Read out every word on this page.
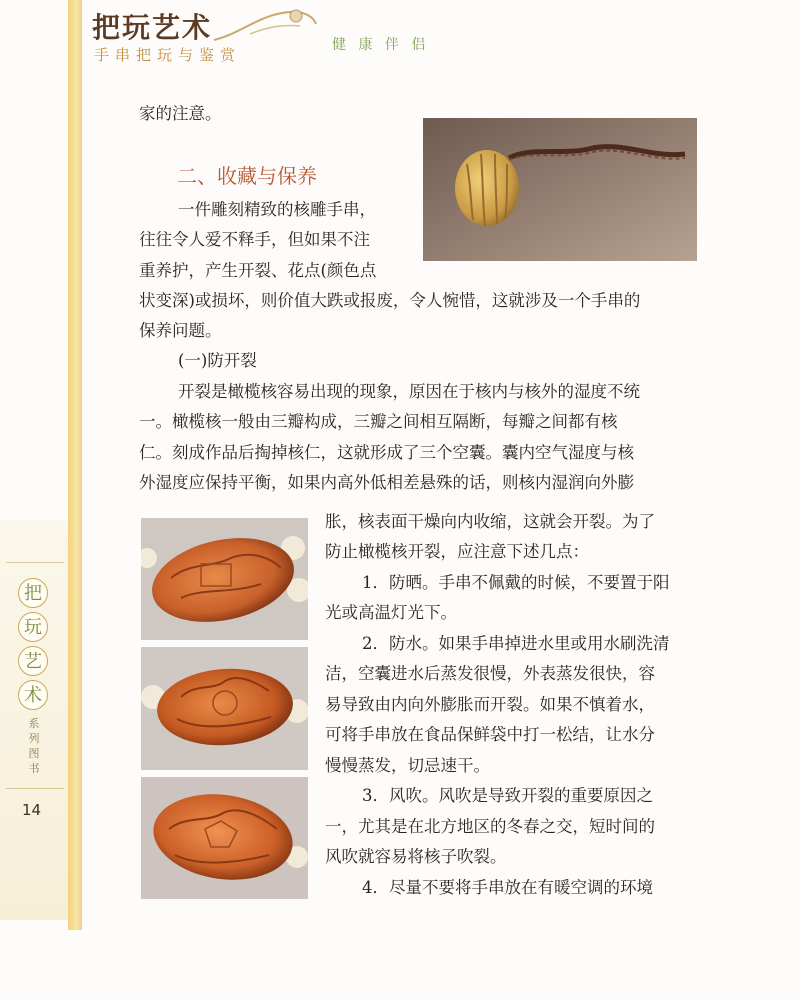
把玩艺术
手串把玩与鉴赏
健 康 伴 侣
把
玩
艺
术
系
列
图
书
14
家的注意。
二、收藏与保养
一件雕刻精致的核雕手串，
往往令人爱不释手，但如果不注
重养护，产生开裂、花点(颜色点
状变深)或损坏，则价值大跌或报废，令人惋惜，这就涉及一个手串的
保养问题。
(一)防开裂
开裂是橄榄核容易出现的现象，原因在于核内与核外的湿度不统
一。橄榄核一般由三瓣构成，三瓣之间相互隔断，每瓣之间都有核
仁。刻成作品后掏掉核仁，这就形成了三个空囊。囊内空气湿度与核
外湿度应保持平衡，如果内高外低相差悬殊的话，则核内湿润向外膨
胀，核表面干燥向内收缩，这就会开裂。为了
防止橄榄核开裂，应注意下述几点：
1．防晒。手串不佩戴的时候，不要置于阳
光或高温灯光下。
2．防水。如果手串掉进水里或用水刷洗清
洁，空囊进水后蒸发很慢，外表蒸发很快，容
易导致由内向外膨胀而开裂。如果不慎着水，
可将手串放在食品保鲜袋中打一松结，让水分
慢慢蒸发，切忌速干。
3．风吹。风吹是导致开裂的重要原因之
一，尤其是在北方地区的冬春之交，短时间的
风吹就容易将核子吹裂。
4．尽量不要将手串放在有暖空调的环境
